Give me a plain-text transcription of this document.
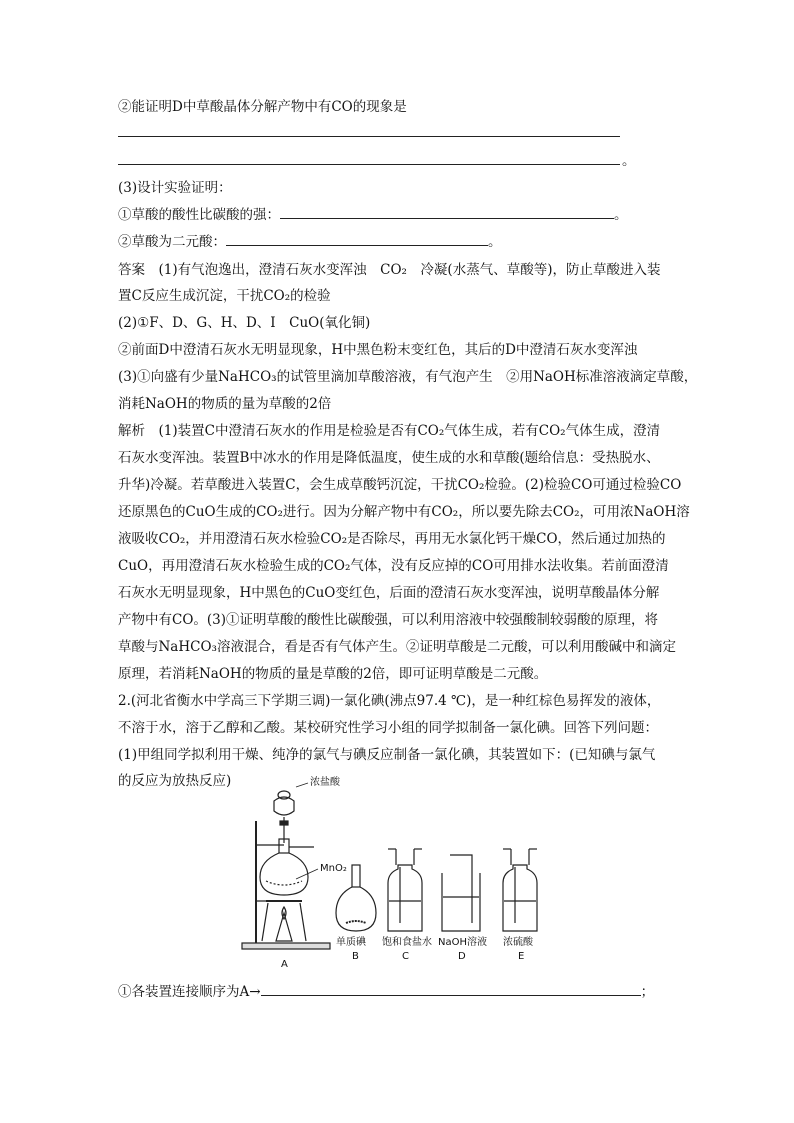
②能证明D中草酸晶体分解产物中有CO的现象是
。
(3)设计实验证明：
①草酸的酸性比碳酸的强：	。
②草酸为二元酸：	。
答案　(1)有气泡逸出，澄清石灰水变浑浊　CO₂　冷凝(水蒸气、草酸等)，防止草酸进入装
置C反应生成沉淀，干扰CO₂的检验
(2)①F、D、G、H、D、I　CuO(氧化铜)
②前面D中澄清石灰水无明显现象，H中黑色粉末变红色，其后的D中澄清石灰水变浑浊
(3)①向盛有少量NaHCO₃的试管里滴加草酸溶液，有气泡产生　②用NaOH标准溶液滴定草酸，
消耗NaOH的物质的量为草酸的2倍
解析　(1)装置C中澄清石灰水的作用是检验是否有CO₂气体生成，若有CO₂气体生成，澄清
石灰水变浑浊。装置B中冰水的作用是降低温度，使生成的水和草酸(题给信息：受热脱水、
升华)冷凝。若草酸进入装置C，会生成草酸钙沉淀，干扰CO₂检验。(2)检验CO可通过检验CO
还原黑色的CuO生成的CO₂进行。因为分解产物中有CO₂，所以要先除去CO₂，可用浓NaOH溶
液吸收CO₂，并用澄清石灰水检验CO₂是否除尽，再用无水氯化钙干燥CO，然后通过加热的
CuO，再用澄清石灰水检验生成的CO₂气体，没有反应掉的CO可用排水法收集。若前面澄清
石灰水无明显现象，H中黑色的CuO变红色，后面的澄清石灰水变浑浊，说明草酸晶体分解
产物中有CO。(3)①证明草酸的酸性比碳酸强，可以利用溶液中较强酸制较弱酸的原理，将
草酸与NaHCO₃溶液混合，看是否有气体产生。②证明草酸是二元酸，可以利用酸碱中和滴定
原理，若消耗NaOH的物质的量是草酸的2倍，即可证明草酸是二元酸。
2.(河北省衡水中学高三下学期三调)一氯化碘(沸点97.4 ℃)，是一种红棕色易挥发的液体，
不溶于水，溶于乙醇和乙酸。某校研究性学习小组的同学拟制备一氯化碘。回答下列问题：
(1)甲组同学拟利用干燥、纯净的氯气与碘反应制备一氯化碘，其装置如下：(已知碘与氯气
的反应为放热反应)	浓盐酸
MnO₂
A
单质碘
B
饱和食盐水
C
NaOH溶液
D
浓硫酸
E
①各装置连接顺序为A→	；
